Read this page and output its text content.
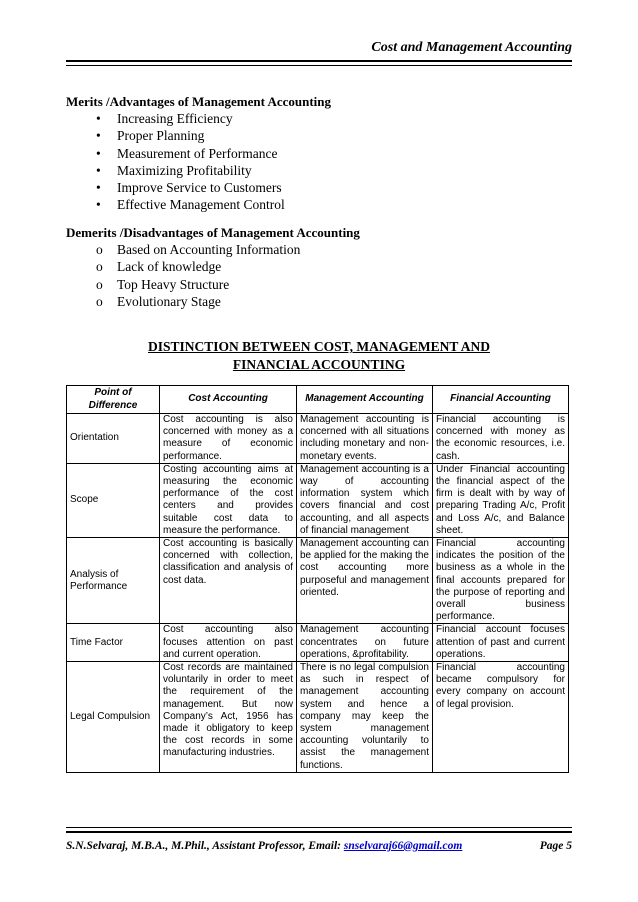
Cost and Management Accounting
Merits /Advantages of Management Accounting
• Increasing Efficiency
• Proper Planning
• Measurement of Performance
• Maximizing Profitability
• Improve Service to Customers
• Effective Management Control
Demerits /Disadvantages of Management Accounting
o Based on Accounting Information
o Lack of knowledge
o Top Heavy Structure
o Evolutionary Stage
DISTINCTION BETWEEN COST, MANAGEMENT AND
FINANCIAL ACCOUNTING
Point of Difference	Cost Accounting	Management Accounting	Financial Accounting
Orientation	Cost accounting is also concerned with money as a measure of economic performance.	Management accounting is concerned with all situations including monetary and non-monetary events.	Financial accounting is concerned with money as the economic resources, i.e. cash.
Scope	Costing accounting aims at measuring the economic performance of the cost centers and provides suitable cost data to measure the performance.	Management accounting is a way of accounting information system which covers financial and cost accounting, and all aspects of financial management	Under Financial accounting the financial aspect of the firm is dealt with by way of preparing Trading A/c, Profit and Loss A/c, and Balance sheet.
Analysis of Performance	Cost accounting is basically concerned with collection, classification and analysis of cost data.	Management accounting can be applied for the making the cost accounting more purposeful and management oriented.	Financial accounting indicates the position of the business as a whole in the final accounts prepared for the purpose of reporting and overall business performance.
Time Factor	Cost accounting also focuses attention on past and current operation.	Management accounting concentrates on future operations, &profitability.	Financial account focuses attention of past and current operations.
Legal Compulsion	Cost records are maintained voluntarily in order to meet the requirement of the management. But now Company’s Act, 1956 has made it obligatory to keep the cost records in some manufacturing industries.	There is no legal compulsion as such in respect of management accounting system and hence a company may keep the system management accounting voluntarily to assist the management functions.	Financial accounting became compulsory for every company on account of legal provision.
S.N.Selvaraj, M.B.A., M.Phil., Assistant Professor, Email: snselvaraj66@gmail.com	Page 5
